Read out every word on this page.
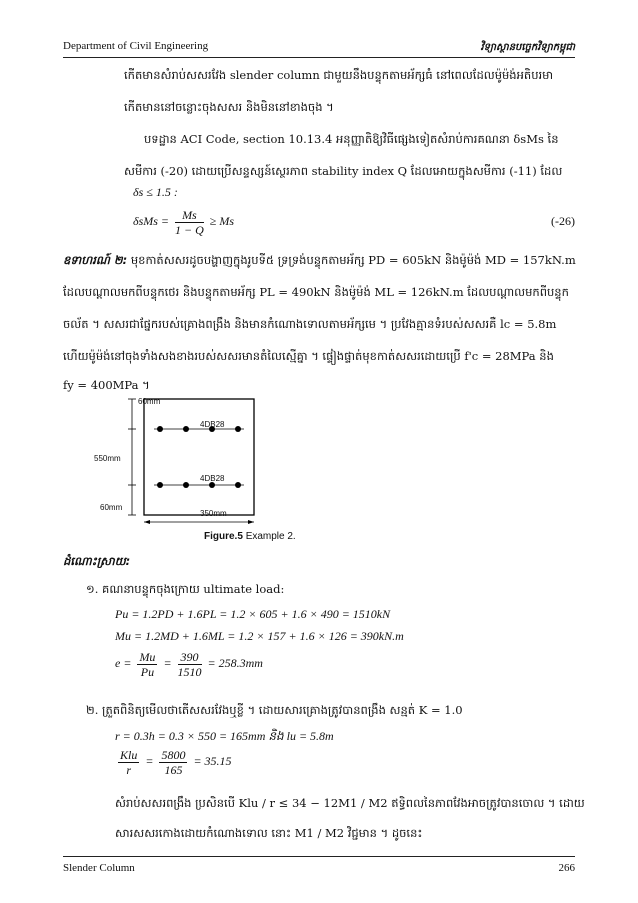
Department of Civil Engineering	វិទ្យាស្ថានបច្ចេកវិទ្យាកម្ពុជា
កើតមានសំរាប់សសរវែង slender column ជាមួយនឹងបន្ទុកតាមអ័ក្សធំ នៅពេលដែលម៉ូម៉ង់អតិបរមា
កើតមាននៅចន្លោះចុងសសរ និងមិននៅខាងចុង ។
បទដ្ឋាន ACI Code, section 10.13.4 អនុញ្ញាតិឱ្យវិធីផ្សេងទៀតសំរាប់ការគណនា δsMs នៃ
សមីការ (-20) ដោយប្រើសន្ទស្សន៍ស្ថេរភាព stability index Q ដែលអោយក្នុងសមីការ (-11) ដែល
δs ≤ 1.5 :
$\delta sMs = \frac{Ms}{1 - Q} \ge Ms$	(-26)
ឧទាហរណ៍ ២: មុខកាត់សសរដូចបង្ហាញក្នុងរូបទី៥ ទ្រទ្រង់បន្ទុកតាមអ័ក្ស PD = 605kN និងម៉ូម៉ង់ MD = 157kN.m
ដែលបណ្តាលមកពីបន្ទុកថេរ និងបន្ទុកតាមអ័ក្ស PL = 490kN និងម៉ូម៉ង់ ML = 126kN.m ដែលបណ្តាលមកពីបន្ទុក
ចល័ត ។ សសរជាផ្នែករបស់គ្រោងពង្រឹង និងមានកំណោងទោលតាមអ័ក្សមេ ។ ប្រវែងគ្មានទំរបស់សសរគឺ lc = 5.8m
ហើយម៉ូម៉ង់នៅចុងទាំងសងខាងរបស់សសរមានតំលៃស្មើគ្នា ។ ផ្ទៀងផ្ទាត់មុខកាត់សសរដោយប្រើ f'c = 28MPa និង
fy = 400MPa ។
60mm
4DB28
550mm
4DB28
60mm
350mm
Figure.5 Example 2.
ដំណោះស្រាយ:
១. គណនាបន្ទុកចុងក្រោយ ultimate load:
Pu = 1.2PD + 1.6PL = 1.2 × 605 + 1.6 × 490 = 1510kN
Mu = 1.2MD + 1.6ML = 1.2 × 157 + 1.6 × 126 = 390kN.m
$e = \frac{Mu}{Pu} = \frac{390}{1510} = 258.3mm$
២. ត្រួតពិនិត្យមើលថាតើសសរវែងឬខ្លី ។ ដោយសារគ្រោងត្រូវបានពង្រឹង សន្មត់ K = 1.0
r = 0.3h = 0.3 × 550 = 165mm និង lu = 5.8m
$\frac{\text{Klu}}{r} = \frac{5800}{165} = 35.15$
សំរាប់សសរពង្រឹង ប្រសិនបើ Klu / r ≤ 34 − 12M1 / M2 ឥទ្ធិពលនៃភាពវែងអាចត្រូវបានចោល ។ ដោយ
សារសសរកោងដោយកំណោងទោល នោះ M1 / M2 វិជ្ជមាន ។ ដូចនេះ
Slender Column	266
